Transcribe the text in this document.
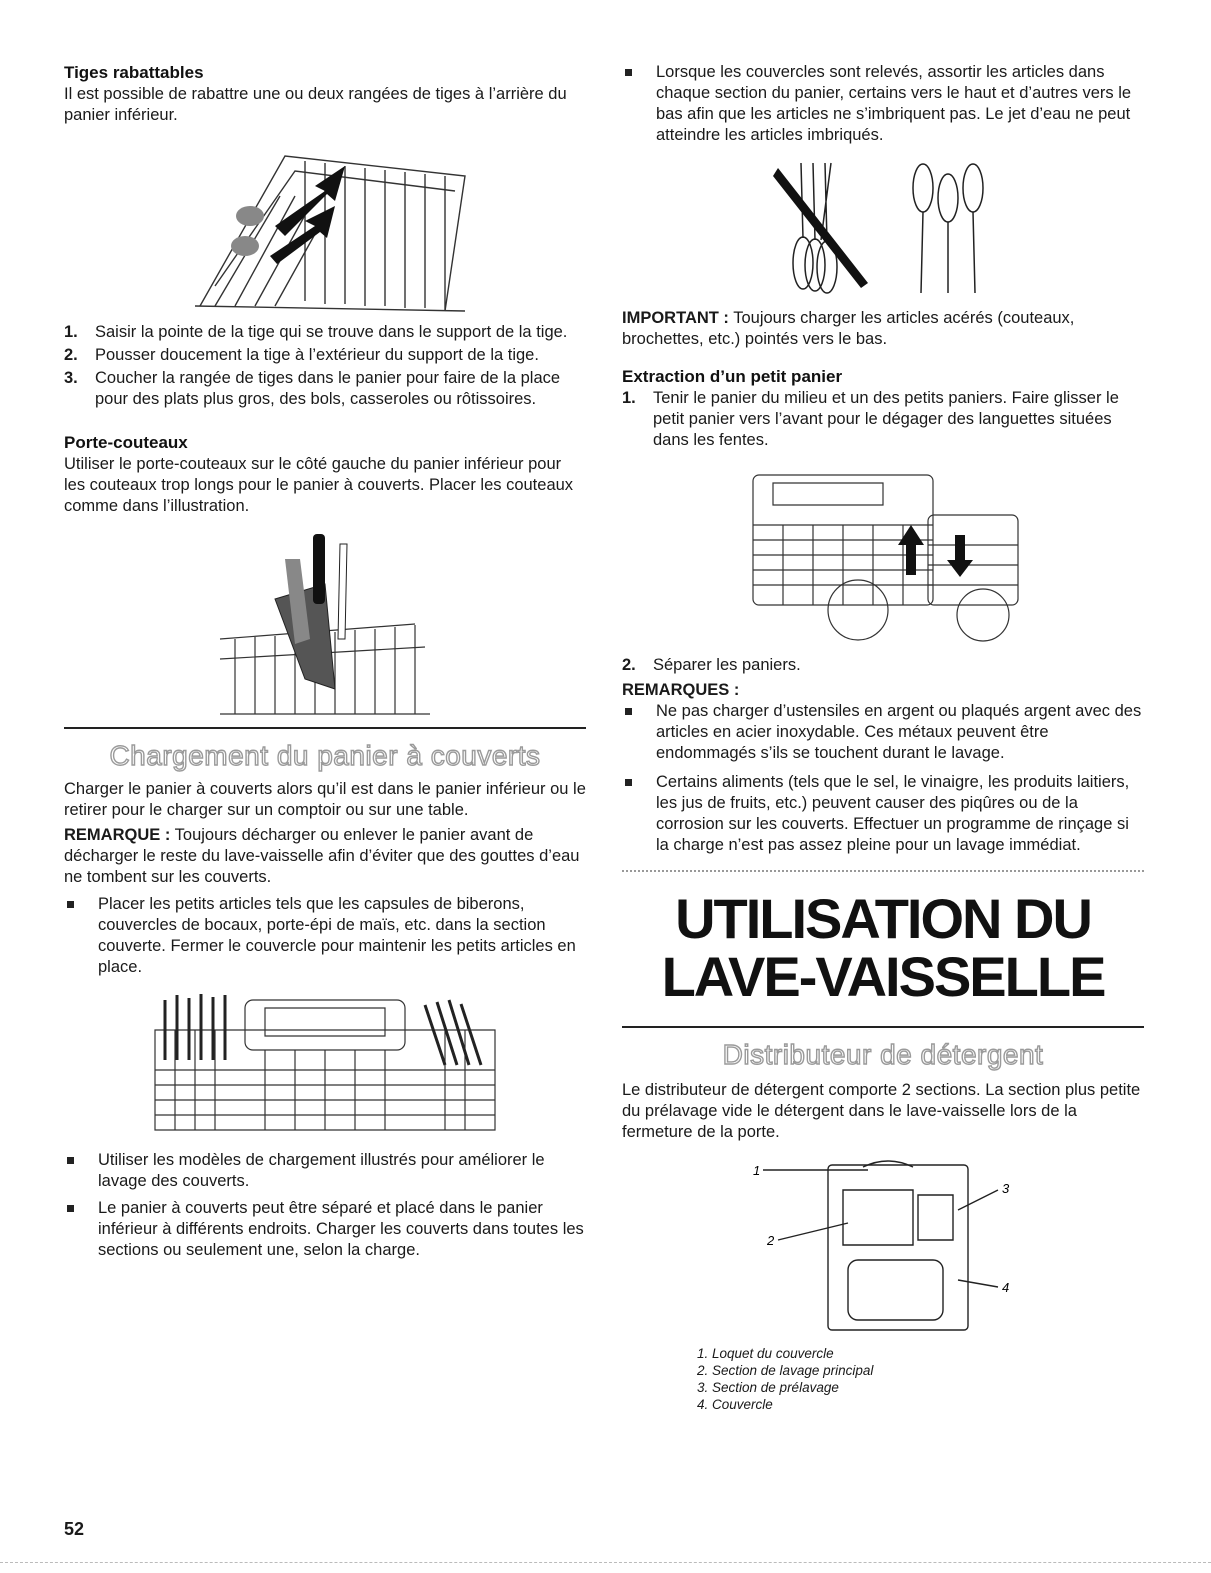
Tiges rabattables

Il est possible de rabattre une ou deux rangées de tiges à l’arrière du panier inférieur.

1.	Saisir la pointe de la tige qui se trouve dans le support de la tige.
2.	Pousser doucement la tige à l’extérieur du support de la tige.
3.	Coucher la rangée de tiges dans le panier pour faire de la place pour des plats plus gros, des bols, casseroles ou rôtissoires.
Porte-couteaux

Utiliser le porte-couteaux sur le côté gauche du panier inférieur pour les couteaux trop longs pour le panier à couverts. Placer les couteaux comme dans l’illustration.

Chargement du panier à couverts

Charger le panier à couverts alors qu’il est dans le panier inférieur ou le retirer pour le charger sur un comptoir ou sur une table.

REMARQUE : Toujours décharger ou enlever le panier avant de décharger le reste du lave-vaisselle afin d’éviter que des gouttes d’eau ne tombent sur les couverts.

Placer les petits articles tels que les capsules de biberons, couvercles de bocaux, porte-épi de maïs, etc. dans la section couverte. Fermer le couvercle pour maintenir les petits articles en place.
Utiliser les modèles de chargement illustrés pour améliorer le lavage des couverts.
Le panier à couverts peut être séparé et placé dans le panier inférieur à différents endroits. Charger les couverts dans toutes les sections ou seulement une, selon la charge.
Lorsque les couvercles sont relevés, assortir les articles dans chaque section du panier, certains vers le haut et d’autres vers le bas afin que les articles ne s’imbriquent pas. Le jet d’eau ne peut atteindre les articles imbriqués.

IMPORTANT : Toujours charger les articles acérés (couteaux, brochettes, etc.) pointés vers le bas.

Extraction d’un petit panier
1.	Tenir le panier du milieu et un des petits paniers. Faire glisser le petit panier vers l’avant pour le dégager des languettes situées dans les fentes.
2.	Séparer les paniers.
REMARQUES :
Ne pas charger d’ustensiles en argent ou plaqués argent avec des articles en acier inoxydable. Ces métaux peuvent être endommagés s’ils se touchent durant le lavage.
Certains aliments (tels que le sel, le vinaigre, les produits laitiers, les jus de fruits, etc.) peuvent causer des piqûres ou de la corrosion sur les couverts. Effectuer un programme de rinçage si la charge n’est pas assez pleine pour un lavage immédiat.
UTILISATION DU
LAVE-VAISSELLE
Distributeur de détergent

Le distributeur de détergent comporte 2 sections. La section plus petite du prélavage vide le détergent dans le lave-vaisselle lors de la fermeture de la porte.

1
2
3
4
1. Loquet du couvercle
2. Section de lavage principal
3. Section de prélavage
4. Couvercle
52
